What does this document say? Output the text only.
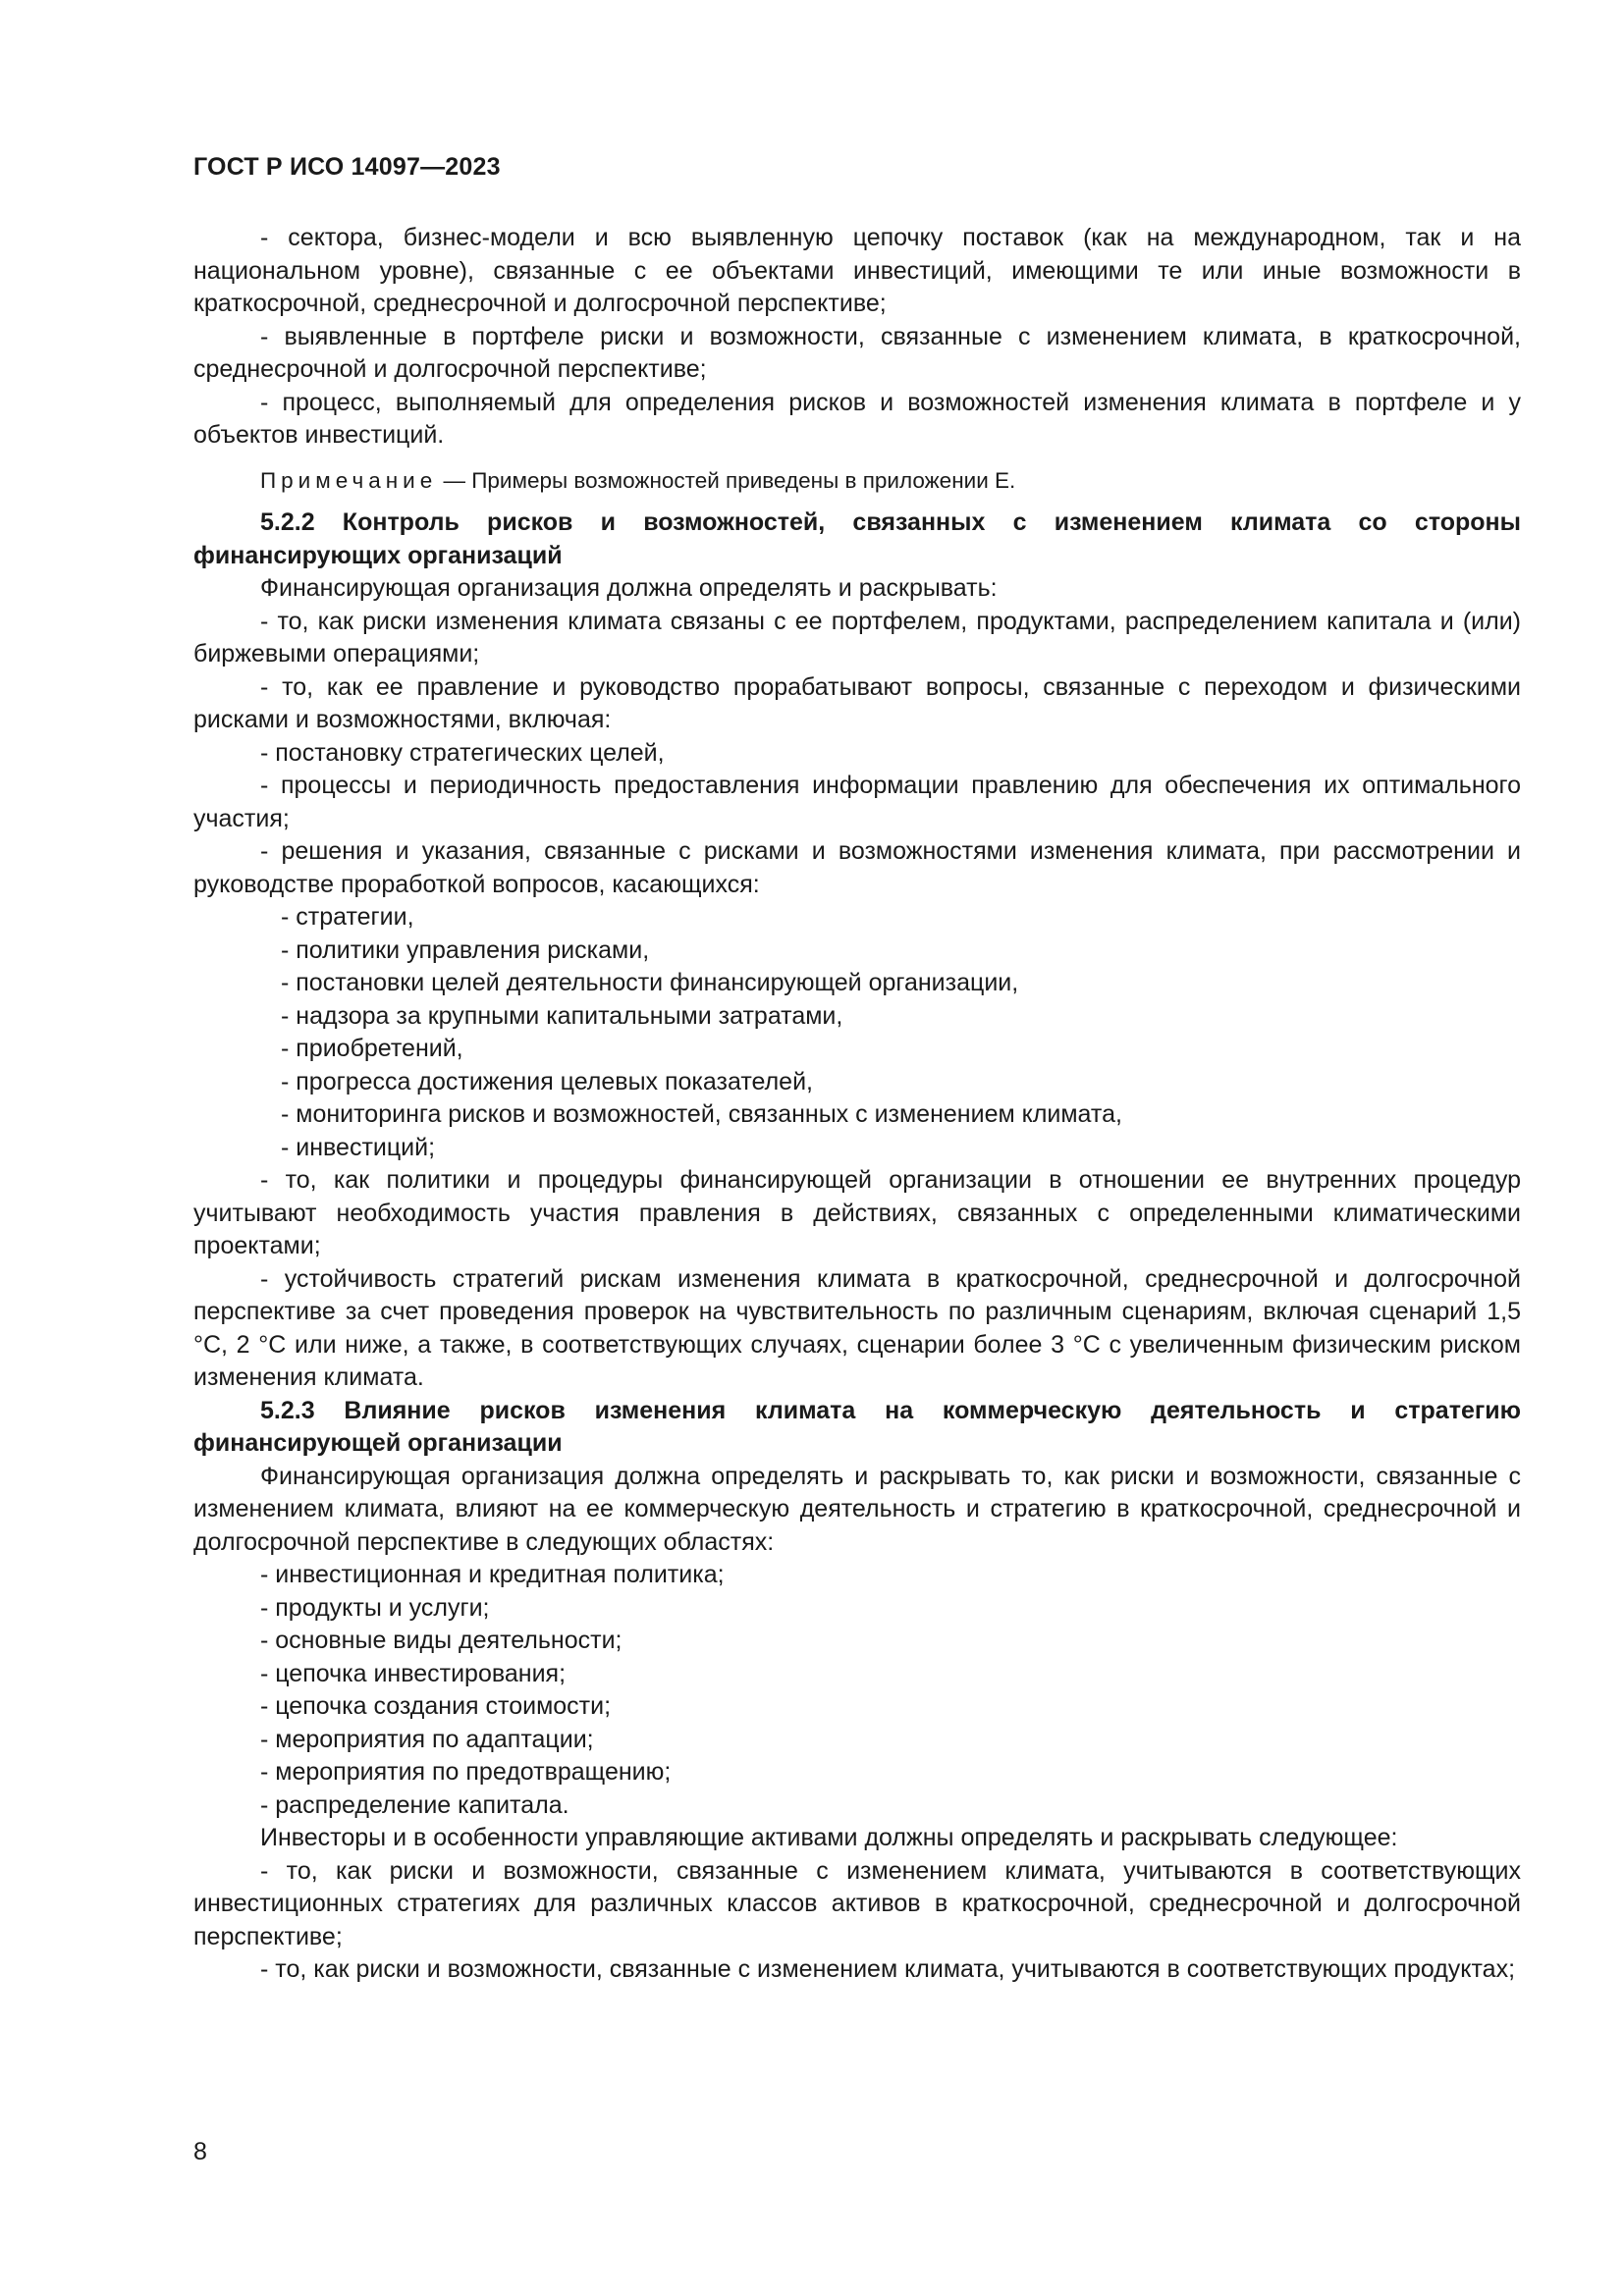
ГОСТ Р ИСО 14097—2023

- сектора, бизнес-модели и всю выявленную цепочку поставок (как на международном, так и на национальном уровне), связанные с ее объектами инвестиций, имеющими те или иные возможности в краткосрочной, среднесрочной и долгосрочной перспективе;

- выявленные в портфеле риски и возможности, связанные с изменением климата, в краткосрочной, среднесрочной и долгосрочной перспективе;

- процесс, выполняемый для определения рисков и возможностей изменения климата в портфеле и у объектов инвестиций.

Примечание — Примеры возможностей приведены в приложении Е.

5.2.2 Контроль рисков и возможностей, связанных с изменением климата со стороны финансирующих организаций

Финансирующая организация должна определять и раскрывать:

- то, как риски изменения климата связаны с ее портфелем, продуктами, распределением капитала и (или) биржевыми операциями;

- то, как ее правление и руководство прорабатывают вопросы, связанные с переходом и физическими рисками и возможностями, включая:

- постановку стратегических целей,

- процессы и периодичность предоставления информации правлению для обеспечения их оптимального участия;

- решения и указания, связанные с рисками и возможностями изменения климата, при рассмотрении и руководстве проработкой вопросов, касающихся:

- стратегии,

- политики управления рисками,

- постановки целей деятельности финансирующей организации,

- надзора за крупными капитальными затратами,

- приобретений,

- прогресса достижения целевых показателей,

- мониторинга рисков и возможностей, связанных с изменением климата,

- инвестиций;

- то, как политики и процедуры финансирующей организации в отношении ее внутренних процедур учитывают необходимость участия правления в действиях, связанных с определенными климатическими проектами;

- устойчивость стратегий рискам изменения климата в краткосрочной, среднесрочной и долгосрочной перспективе за счет проведения проверок на чувствительность по различным сценариям, включая сценарий 1,5 °С, 2 °С или ниже, а также, в соответствующих случаях, сценарии более 3 °С с увеличенным физическим риском изменения климата.

5.2.3 Влияние рисков изменения климата на коммерческую деятельность и стратегию финансирующей организации

Финансирующая организация должна определять и раскрывать то, как риски и возможности, связанные с изменением климата, влияют на ее коммерческую деятельность и стратегию в краткосрочной, среднесрочной и долгосрочной перспективе в следующих областях:

- инвестиционная и кредитная политика;

- продукты и услуги;

- основные виды деятельности;

- цепочка инвестирования;

- цепочка создания стоимости;

- мероприятия по адаптации;

- мероприятия по предотвращению;

- распределение капитала.

Инвесторы и в особенности управляющие активами должны определять и раскрывать следующее:

- то, как риски и возможности, связанные с изменением климата, учитываются в соответствующих инвестиционных стратегиях для различных классов активов в краткосрочной, среднесрочной и долгосрочной перспективе;

- то, как риски и возможности, связанные с изменением климата, учитываются в соответствующих продуктах;

8
